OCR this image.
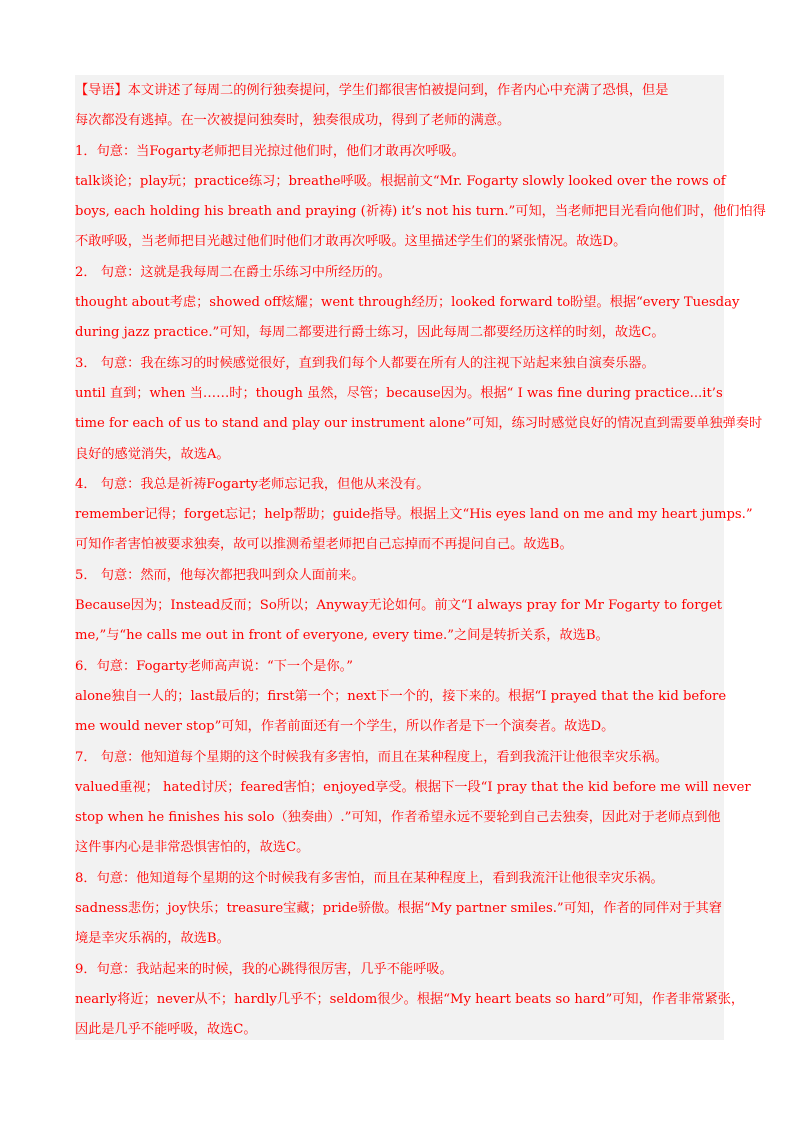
【导语】本文讲述了每周二的例行独奏提问，学生们都很害怕被提问到，作者内心中充满了恐惧，但是
每次都没有逃掉。在一次被提问独奏时，独奏很成功，得到了老师的满意。
1．句意：当Fogarty老师把目光掠过他们时，他们才敢再次呼吸。
talk谈论；play玩；practice练习；breathe呼吸。根据前文“Mr. Fogarty slowly looked over the rows of
boys, each holding his breath and praying (祈祷) it’s not his turn.”可知，当老师把目光看向他们时，他们怕得
不敢呼吸，当老师把目光越过他们时他们才敢再次呼吸。这里描述学生们的紧张情况。故选D。
2． 句意：这就是我每周二在爵士乐练习中所经历的。
thought about考虑；showed off炫耀；went through经历；looked forward to盼望。根据“every Tuesday
during jazz practice.”可知，每周二都要进行爵士练习，因此每周二都要经历这样的时刻，故选C。
3． 句意：我在练习的时候感觉很好，直到我们每个人都要在所有人的注视下站起来独自演奏乐器。
until 直到；when 当……时；though 虽然，尽管；because因为。根据“ I was fine during practice...it’s
time for each of us to stand and play our instrument alone”可知，练习时感觉良好的情况直到需要单独弹奏时
良好的感觉消失，故选A。
4． 句意：我总是祈祷Fogarty老师忘记我，但他从来没有。
remember记得；forget忘记；help帮助；guide指导。根据上文“His eyes land on me and my heart jumps.”
可知作者害怕被要求独奏，故可以推测希望老师把自己忘掉而不再提问自己。故选B。
5． 句意：然而，他每次都把我叫到众人面前来。
Because因为；Instead反而；So所以；Anyway无论如何。前文“I always pray for Mr Fogarty to forget
me,”与“he calls me out in front of everyone, every time.”之间是转折关系，故选B。
6．句意：Fogarty老师高声说：“下一个是你。”
alone独自一人的；last最后的；first第一个；next下一个的，接下来的。根据“I prayed that the kid before
me would never stop”可知，作者前面还有一个学生，所以作者是下一个演奏者。故选D。
7． 句意：他知道每个星期的这个时候我有多害怕，而且在某种程度上，看到我流汗让他很幸灾乐祸。
valued重视； hated讨厌；feared害怕；enjoyed享受。根据下一段“I pray that the kid before me will never
stop when he finishes his solo（独奏曲）.”可知，作者希望永远不要轮到自己去独奏，因此对于老师点到他
这件事内心是非常恐惧害怕的，故选C。
8．句意：他知道每个星期的这个时候我有多害怕，而且在某种程度上，看到我流汗让他很幸灾乐祸。
sadness悲伤；joy快乐；treasure宝藏；pride骄傲。根据“My partner smiles.”可知，作者的同伴对于其窘
境是幸灾乐祸的，故选B。
9．句意：我站起来的时候，我的心跳得很厉害，几乎不能呼吸。
nearly将近；never从不；hardly几乎不；seldom很少。根据“My heart beats so hard”可知，作者非常紧张，
因此是几乎不能呼吸，故选C。
